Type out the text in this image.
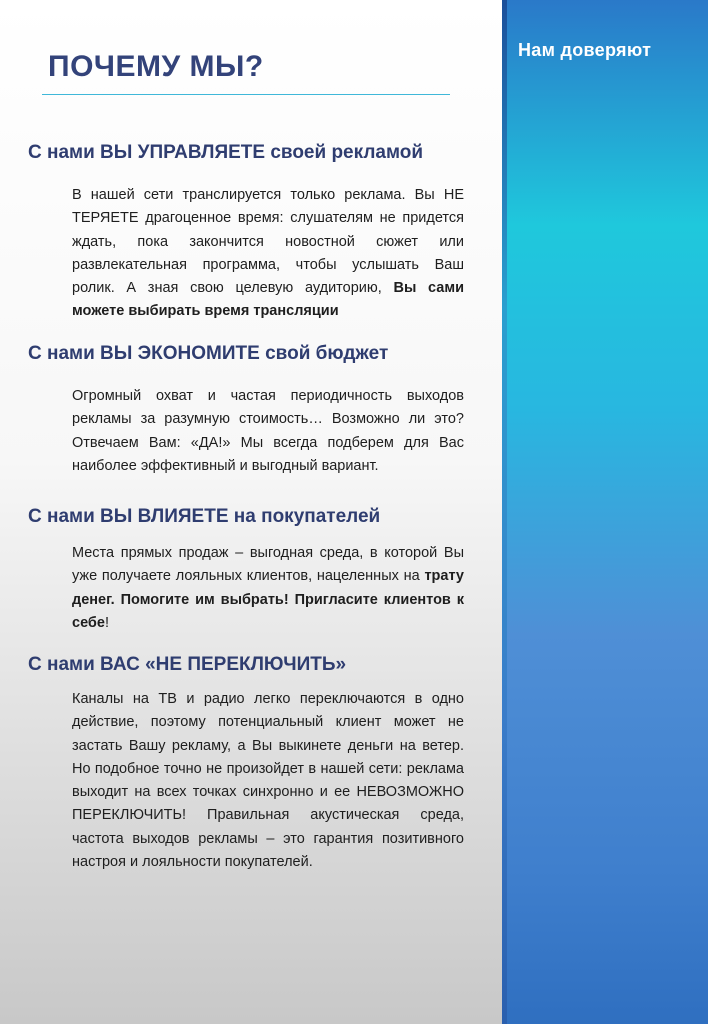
Нам доверяют
ПОЧЕМУ МЫ?
С нами ВЫ УПРАВЛЯЕТЕ своей рекламой

В нашей сети транслируется только реклама. Вы НЕ ТЕРЯЕТЕ драгоценное время: слушателям не придется ждать, пока закончится новостной сюжет или развлекательная программа, чтобы услышать Ваш ролик. А зная свою целевую аудиторию, Вы сами можете выбирать время трансляции

С нами ВЫ ЭКОНОМИТЕ свой бюджет

Огромный охват и частая периодичность выходов рекламы за разумную стоимость… Возможно ли это? Отвечаем Вам: «ДА!» Мы всегда подберем для Вас наиболее эффективный и выгодный вариант.

С нами ВЫ ВЛИЯЕТЕ на покупателей

Места прямых продаж – выгодная среда, в которой Вы уже получаете лояльных клиентов, нацеленных на трату денег. Помогите им выбрать! Пригласите клиентов к себе!

С нами ВАС «НЕ ПЕРЕКЛЮЧИТЬ»

Каналы на ТВ и радио легко переключаются в одно действие, поэтому потенциальный клиент может не застать Вашу рекламу, а Вы выкинете деньги на ветер. Но подобное точно не произойдет в нашей сети: реклама выходит на всех точках синхронно и ее НЕВОЗМОЖНО ПЕРЕКЛЮЧИТЬ! Правильная акустическая среда, частота выходов рекламы – это гарантия позитивного настроя и лояльности покупателей.
